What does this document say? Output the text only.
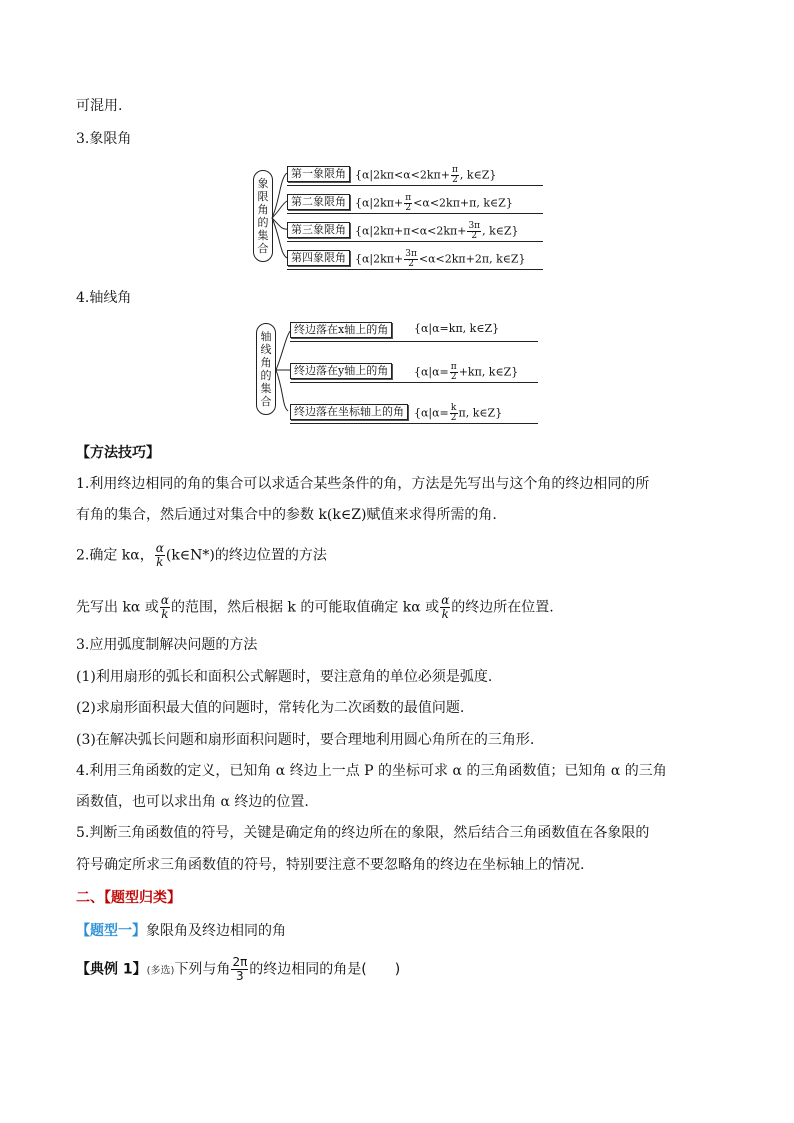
可混用.
3.象限角
象
限
角
的
集
合
第一象限角 {$\alpha|2k\pi<\alpha<2k\pi+ \frac{\pi}{2}$ , k∈Z}
第二象限角 {$\alpha|2k\pi+ \frac{\pi}{2} <\alpha<2k\pi+\pi$, k∈Z}
第三象限角 {$\alpha|2k\pi+\pi<\alpha<2k\pi+ \frac{3\pi}{2}$ , k∈Z}
第四象限角 {$\alpha|2k\pi+ \frac{3\pi}{2} <\alpha<2k\pi+2\pi$, k∈Z}
4.轴线角
轴
线
角
的
集
合
终边落在x轴上的角	{α|α=kπ, k∈Z}
终边落在y轴上的角	{$\alpha|\alpha= \frac{\pi}{2} +k\pi$, k∈Z}
终边落在坐标轴上的角 {$\alpha|\alpha= \frac{k}{2} \pi$, k∈Z}
【方法技巧】
1.利用终边相同的角的集合可以求适合某些条件的角，方法是先写出与这个角的终边相同的所
有角的集合，然后通过对集合中的参数 k(k∈Z)赋值来求得所需的角.
2.确定 kα， $\frac{\alpha}{k}$ (k∈N*)的终边位置的方法
先写出 kα 或 $\frac{\alpha}{k}$ 的范围，然后根据 k 的可能取值确定 kα 或 $\frac{\alpha}{k}$ 的终边所在位置.
3.应用弧度制解决问题的方法
(1)利用扇形的弧长和面积公式解题时，要注意角的单位必须是弧度.
(2)求扇形面积最大值的问题时，常转化为二次函数的最值问题.
(3)在解决弧长问题和扇形面积问题时，要合理地利用圆心角所在的三角形.
4.利用三角函数的定义，已知角 α 终边上一点 P 的坐标可求 α 的三角函数值；已知角 α 的三角
函数值，也可以求出角 α 终边的位置.
5.判断三角函数值的符号，关键是确定角的终边所在的象限，然后结合三角函数值在各象限的
符号确定所求三角函数值的符号，特别要注意不要忽略角的终边在坐标轴上的情况.
二、【题型归类】
【题型一】象限角及终边相同的角
【典例 1】(多选)下列与角 $\frac{2\pi}{3}$ 的终边相同的角是(　　)
